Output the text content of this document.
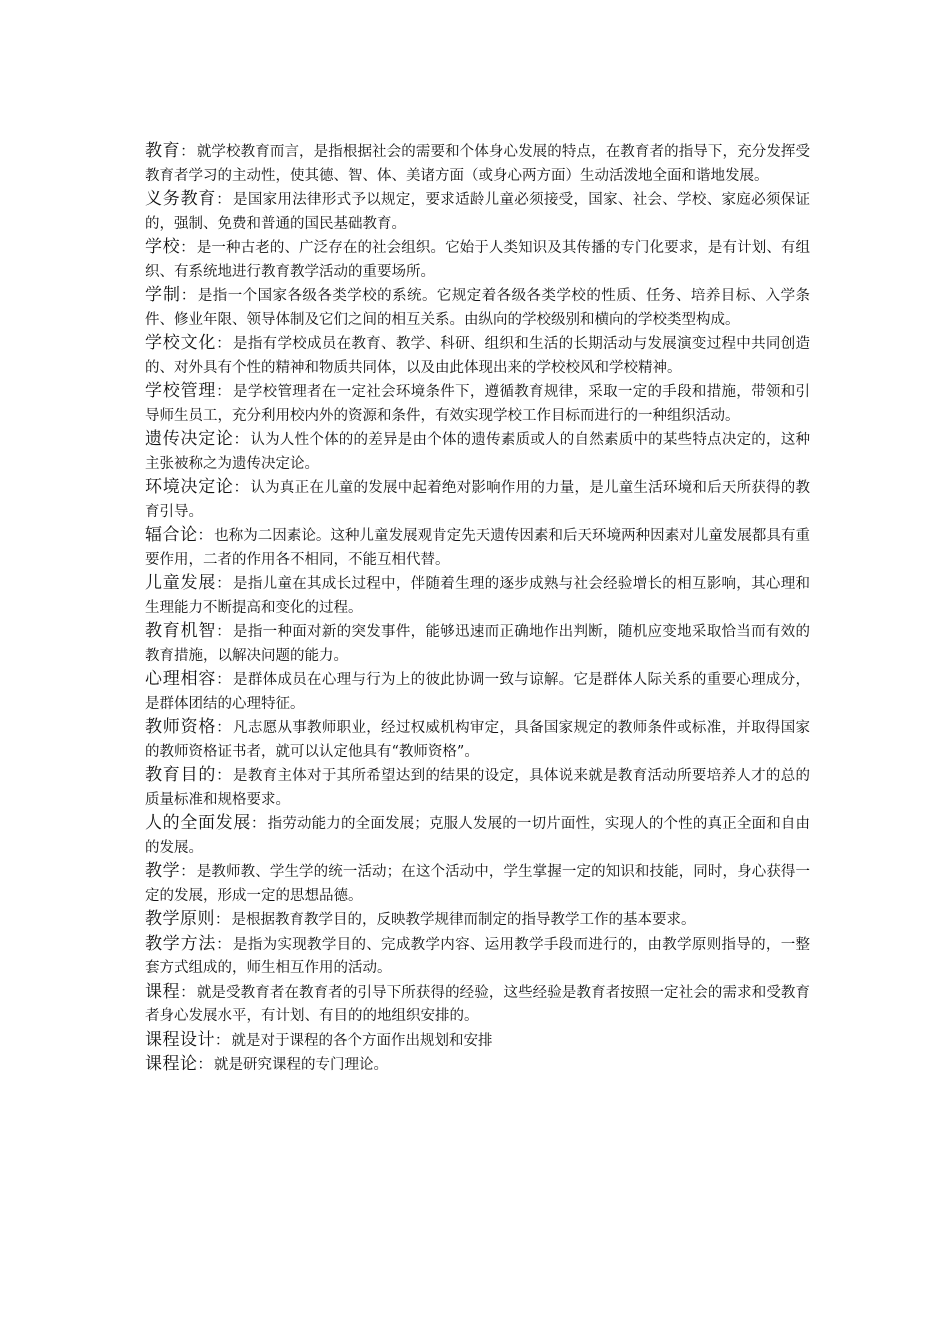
教育： 就学校教育而言，是指根据社会的需要和个体身心发展的特点，在教育者的指导下，充分发挥受教育者学习的主动性，使其德、智、体、美诸方面（或身心两方面）生动活泼地全面和谐地发展。

义务教育： 是国家用法律形式予以规定，要求适龄儿童必须接受，国家、社会、学校、家庭必须保证的，强制、免费和普通的国民基础教育。

学校： 是一种古老的、广泛存在的社会组织。它始于人类知识及其传播的专门化要求，是有计划、有组织、有系统地进行教育教学活动的重要场所。

学制： 是指一个国家各级各类学校的系统。它规定着各级各类学校的性质、任务、培养目标、入学条件、修业年限、领导体制及它们之间的相互关系。由纵向的学校级别和横向的学校类型构成。

学校文化： 是指有学校成员在教育、教学、科研、组织和生活的长期活动与发展演变过程中共同创造的、对外具有个性的精神和物质共同体，以及由此体现出来的学校校风和学校精神。

学校管理： 是学校管理者在一定社会环境条件下，遵循教育规律，采取一定的手段和措施，带领和引导师生员工，充分利用校内外的资源和条件，有效实现学校工作目标而进行的一种组织活动。

遗传决定论： 认为人性个体的的差异是由个体的遗传素质或人的自然素质中的某些特点决定的，这种主张被称之为遗传决定论。

环境决定论： 认为真正在儿童的发展中起着绝对影响作用的力量，是儿童生活环境和后天所获得的教育引导。

辐合论： 也称为二因素论。这种儿童发展观肯定先天遗传因素和后天环境两种因素对儿童发展都具有重要作用，二者的作用各不相同，不能互相代替。

儿童发展： 是指儿童在其成长过程中，伴随着生理的逐步成熟与社会经验增长的相互影响，其心理和生理能力不断提高和变化的过程。

教育机智： 是指一种面对新的突发事件，能够迅速而正确地作出判断，随机应变地采取恰当而有效的教育措施，以解决问题的能力。

心理相容： 是群体成员在心理与行为上的彼此协调一致与谅解。它是群体人际关系的重要心理成分，是群体团结的心理特征。

教师资格： 凡志愿从事教师职业，经过权威机构审定，具备国家规定的教师条件或标准，并取得国家的教师资格证书者，就可以认定他具有“教师资格”。

教育目的： 是教育主体对于其所希望达到的结果的设定，具体说来就是教育活动所要培养人才的总的质量标准和规格要求。

人的全面发展： 指劳动能力的全面发展；克服人发展的一切片面性，实现人的个性的真正全面和自由的发展。

教学： 是教师教、学生学的统一活动；在这个活动中，学生掌握一定的知识和技能，同时，身心获得一定的发展，形成一定的思想品德。

教学原则： 是根据教育教学目的，反映教学规律而制定的指导教学工作的基本要求。

教学方法： 是指为实现教学目的、完成教学内容、运用教学手段而进行的，由教学原则指导的，一整套方式组成的，师生相互作用的活动。

课程： 就是受教育者在教育者的引导下所获得的经验，这些经验是教育者按照一定社会的需求和受教育者身心发展水平，有计划、有目的的地组织安排的。

课程设计： 就是对于课程的各个方面作出规划和安排

课程论： 就是研究课程的专门理论。
